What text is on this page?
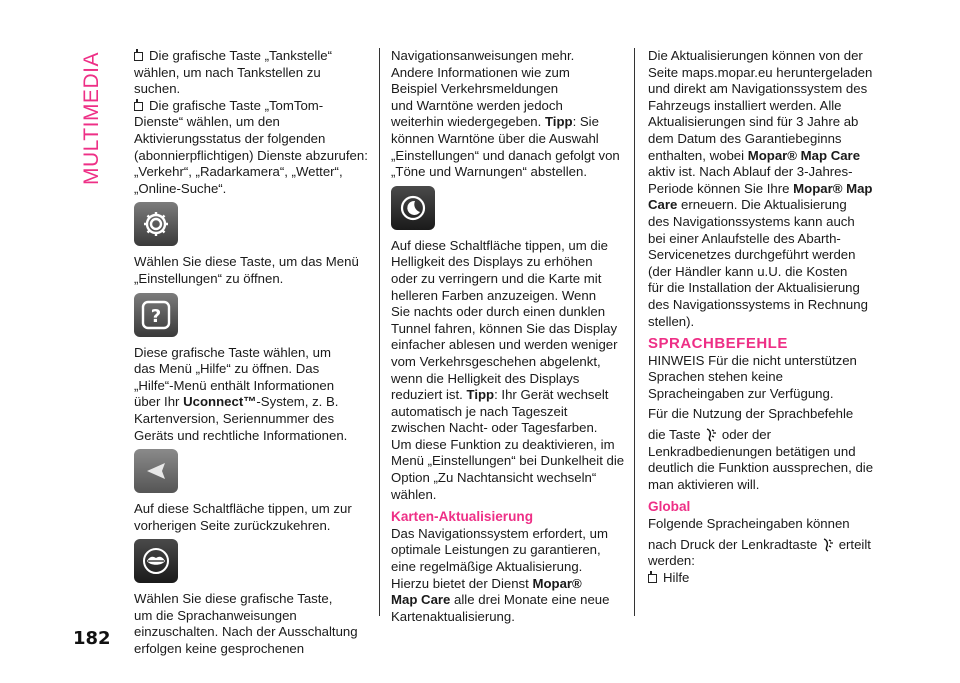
MULTIMEDIA
182
Die grafische Taste „Tankstelle“
wählen, um nach Tankstellen zu
suchen.
Die grafische Taste „TomTom-
Dienste“ wählen, um den
Aktivierungsstatus der folgenden
(abonnierpflichtigen) Dienste abzurufen:
„Verkehr“, „Radarkamera“, „Wetter“,
„Online-Suche“.
Wählen Sie diese Taste, um das Menü
„Einstellungen“ zu öffnen.
?
Diese grafische Taste wählen, um
das Menü „Hilfe“ zu öffnen. Das
„Hilfe“-Menü enthält Informationen
über Ihr Uconnect™-System, z. B.
Kartenversion, Seriennummer des
Geräts und rechtliche Informationen.
Auf diese Schaltfläche tippen, um zur
vorherigen Seite zurückzukehren.
Wählen Sie diese grafische Taste,
um die Sprachanweisungen
einzuschalten. Nach der Ausschaltung
erfolgen keine gesprochenen
Navigationsanweisungen mehr.
Andere Informationen wie zum
Beispiel Verkehrsmeldungen
und Warntöne werden jedoch
weiterhin wiedergegeben. Tipp: Sie
können Warntöne über die Auswahl
„Einstellungen“ und danach gefolgt von
„Töne und Warnungen“ abstellen.
Auf diese Schaltfläche tippen, um die
Helligkeit des Displays zu erhöhen
oder zu verringern und die Karte mit
helleren Farben anzuzeigen. Wenn
Sie nachts oder durch einen dunklen
Tunnel fahren, können Sie das Display
einfacher ablesen und werden weniger
vom Verkehrsgeschehen abgelenkt,
wenn die Helligkeit des Displays
reduziert ist. Tipp: Ihr Gerät wechselt
automatisch je nach Tageszeit
zwischen Nacht- oder Tagesfarben.
Um diese Funktion zu deaktivieren, im
Menü „Einstellungen“ bei Dunkelheit die
Option „Zu Nachtansicht wechseln“
wählen.
Karten-Aktualisierung
Das Navigationssystem erfordert, um
optimale Leistungen zu garantieren,
eine regelmäßige Aktualisierung.
Hierzu bietet der Dienst Mopar®
Map Care alle drei Monate eine neue
Kartenaktualisierung.
Die Aktualisierungen können von der
Seite maps.mopar.eu heruntergeladen
und direkt am Navigationssystem des
Fahrzeugs installiert werden. Alle
Aktualisierungen sind für 3 Jahre ab
dem Datum des Garantiebeginns
enthalten, wobei Mopar® Map Care
aktiv ist. Nach Ablauf der 3-Jahres-
Periode können Sie Ihre Mopar® Map
Care erneuern. Die Aktualisierung
des Navigationssystems kann auch
bei einer Anlaufstelle des Abarth-
Servicenetzes durchgeführt werden
(der Händler kann u.U. die Kosten
für die Installation der Aktualisierung
des Navigationssystems in Rechnung
stellen).
SPRACHBEFEHLE
HINWEIS Für die nicht unterstützen
Sprachen stehen keine
Spracheingaben zur Verfügung.
Für die Nutzung der Sprachbefehle
die Taste oder der
Lenkradbedienungen betätigen und
deutlich die Funktion aussprechen, die
man aktivieren will.
Global
Folgende Spracheingaben können
nach Druck der Lenkradtaste erteilt
werden:
Hilfe
